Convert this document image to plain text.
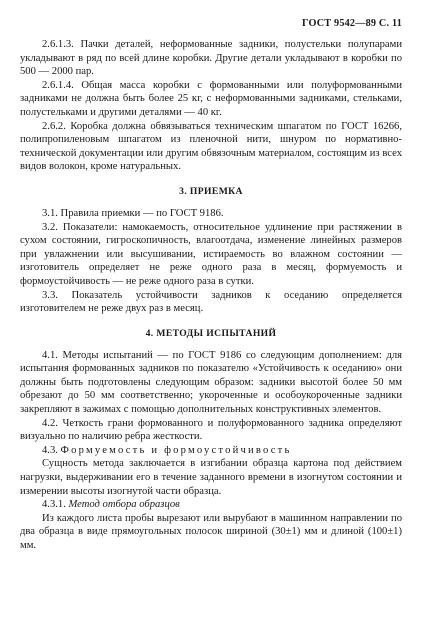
ГОСТ 9542—89 С. 11

2.6.1.3. Пачки деталей, неформованные задники, полустельки полупарами укладывают в ряд по всей длине коробки. Другие детали укладывают в коробки по 500 — 2000 пар.

2.6.1.4. Общая масса коробки с формованными или полуформованными задниками не должна быть более 25 кг, с неформованными задниками, стельками, полустельками и другими деталями — 40 кг.

2.6.2. Коробка должна обвязываться техническим шпагатом по ГОСТ 16266, полипропиленовым шпагатом из пленочной нити, шнуром по нормативно-технической документации или другим обвязочным материалом, состоящим из всех видов волокон, кроме натуральных.

3. ПРИЕМКА

3.1. Правила приемки — по ГОСТ 9186.

3.2. Показатели: намокаемость, относительное удлинение при растяжении в сухом состоянии, гигроскопичность, влагоотдача, изменение линейных размеров при увлажнении или высушивании, истираемость во влажном состоянии — изготовитель определяет не реже одного раза в месяц, формуемость и формоустойчивость — не реже одного раза в сутки.

3.3. Показатель устойчивости задников к оседанию определяется изготовителем не реже двух раз в месяц.

4. МЕТОДЫ ИСПЫТАНИЙ

4.1. Методы испытаний — по ГОСТ 9186 со следующим дополнением: для испытания формованных задников по показателю «Устойчивость к оседанию» они должны быть подготовлены следующим образом: задники высотой более 50 мм обрезают до 50 мм соответственно; укороченные и особоукороченные задники закрепляют в зажимах с помощью дополнительных конструктивных элементов.

4.2. Четкость грани формованного и полуформованного задника определяют визуально по наличию ребра жесткости.

4.3. Формуемость и формоустойчивость

Сущность метода заключается в изгибании образца картона под действием нагрузки, выдерживании его в течение заданного времени в изогнутом состоянии и измерении высоты изогнутой части образца.

4.3.1. Метод отбора образцов

Из каждого листа пробы вырезают или вырубают в машинном направлении по два образца в виде прямоугольных полосок шириной (30±1) мм и длиной (100±1) мм.
